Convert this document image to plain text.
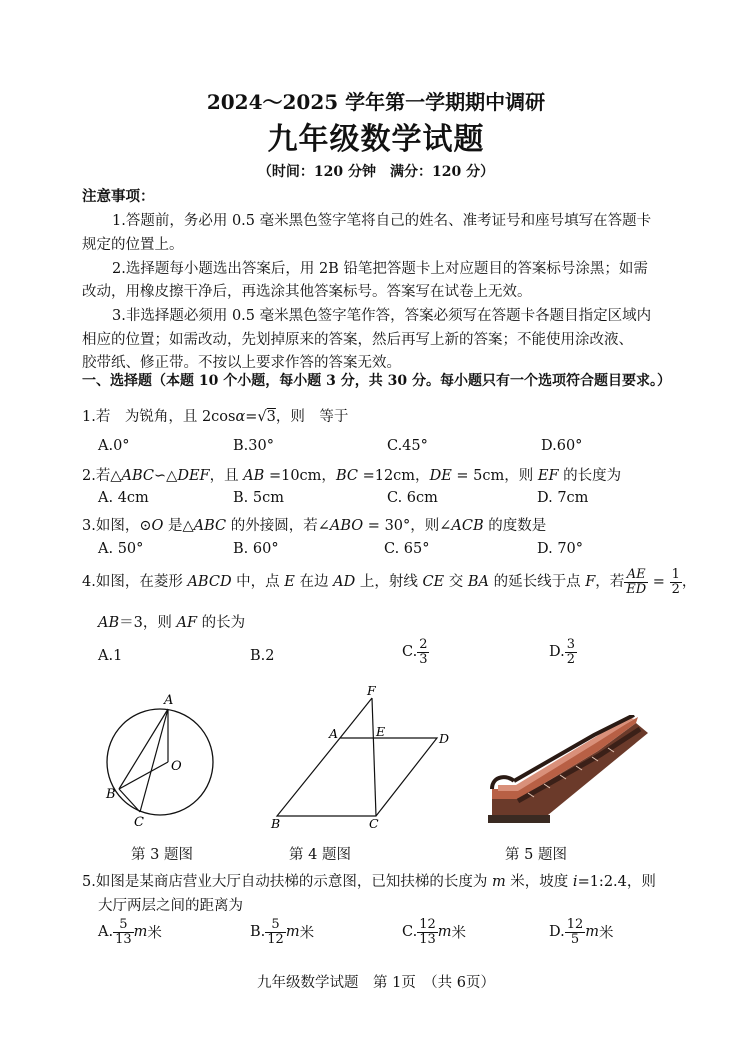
2024～2025 学年第一学期期中调研
九年级数学试题
（时间：120 分钟　满分：120 分）
注意事项：
1.答题前，务必用 0.5 毫米黑色签字笔将自己的姓名、准考证号和座号填写在答题卡
规定的位置上。
2.选择题每小题选出答案后，用 2B 铅笔把答题卡上对应题目的答案标号涂黑；如需
改动，用橡皮擦干净后，再选涂其他答案标号。答案写在试卷上无效。
3.非选择题必须用 0.5 毫米黑色签字笔作答，答案必须写在答题卡各题目指定区域内
相应的位置；如需改动，先划掉原来的答案，然后再写上新的答案；不能使用涂改液、
胶带纸、修正带。不按以上要求作答的答案无效。
一、选择题（本题 10 个小题，每小题 3 分，共 30 分。每小题只有一个选项符合题目要求。）
1.若　为锐角，且 2cosα=√3，则　等于
A.0°	B.30°	C.45°	D.60°
2.若△ABC∽△DEF，且 AB =10cm，BC =12cm，DE = 5cm，则 EF 的长度为
A. 4cm	B. 5cm	C. 6cm	D. 7cm
3.如图，⊙O 是△ABC 的外接圆，若∠ABO = 30°，则∠ACB 的度数是
A. 50°	B. 60°	C. 65°	D. 70°
4.如图，在菱形 ABCD 中，点 E 在边 AD 上，射线 CE 交 BA 的延长线于点 F，若 $\frac{AE}{ED} = \frac{1}{2}$ ，
AB＝3，则 AF 的长为
A.1	B.2	C. $\frac{2}{3}$	D. $\frac{3}{2}$
A
O
B
C
F
A	E	D
B	C
第 3 题图	第 4 题图	第 5 题图
5.如图是某商店营业大厅自动扶梯的示意图，已知扶梯的长度为 m 米，坡度 i=1:2.4，则
大厅两层之间的距离为
A. $\frac{5}{13}$ m米	B. $\frac{5}{12}$ m米	C. $\frac{12}{13}$ m米	D. $\frac{12}{5}$ m米
九年级数学试题　第 1页　（共 6页）
